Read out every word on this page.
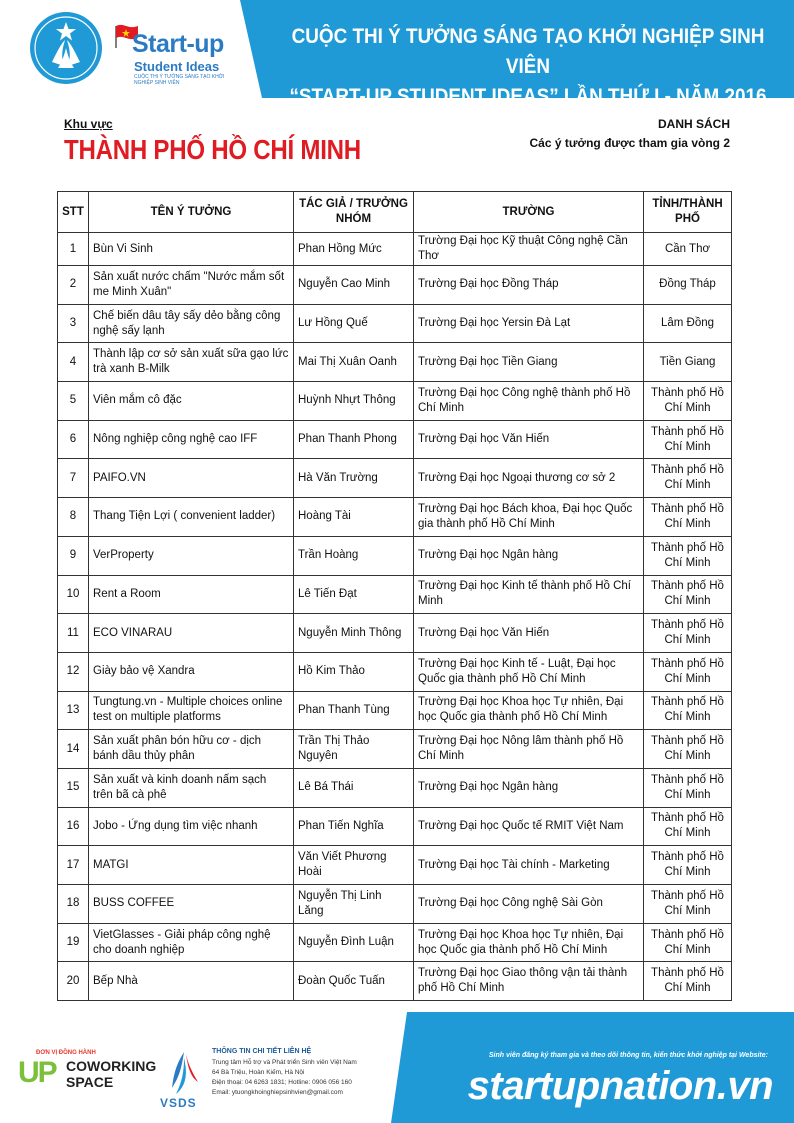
Start-up
Student Ideas
CUỘC THI Ý TƯỞNG SÁNG TẠO KHỞI NGHIỆP SINH VIÊN
CUỘC THI Ý TƯỞNG SÁNG TẠO KHỞI NGHIỆP SINH VIÊN
“START-UP STUDENT IDEAS” LẦN THỨ I - NĂM 2016
Khu vực
THÀNH PHỐ HỒ CHÍ MINH
DANH SÁCH
Các ý tưởng được tham gia vòng 2
STT	TÊN Ý TƯỞNG	TÁC GIẢ / TRƯỞNG NHÓM	TRƯỜNG	TỈNH/THÀNH PHỐ
1	Bùn Vi Sinh	Phan Hồng Mức	Trường Đại học Kỹ thuật Công nghệ Cần Thơ	Cần Thơ
2	Sản xuất nước chấm "Nước mắm sốt me Minh Xuân"	Nguyễn Cao Minh	Trường Đại học Đồng Tháp	Đồng Tháp
3	Chế biến dâu tây sấy dẻo bằng công nghệ sấy lạnh	Lư Hồng Quế	Trường Đại học Yersin Đà Lạt	Lâm Đồng
4	Thành lập cơ sở sản xuất sữa gạo lức trà xanh B-Milk	Mai Thị Xuân Oanh	Trường Đại học Tiền Giang	Tiền Giang
5	Viên mắm cô đặc	Huỳnh Nhựt Thông	Trường Đại học Công nghệ thành phố Hồ Chí Minh	Thành phố Hồ Chí Minh
6	Nông nghiệp công nghệ cao IFF	Phan Thanh Phong	Trường Đại học Văn Hiến	Thành phố Hồ Chí Minh
7	PAIFO.VN	Hà Văn Trường	Trường Đại học Ngoại thương cơ sở 2	Thành phố Hồ Chí Minh
8	Thang Tiện Lợi ( convenient ladder)	Hoàng Tài	Trường Đại học Bách khoa, Đại học Quốc gia thành phố Hồ Chí Minh	Thành phố Hồ Chí Minh
9	VerProperty	Trần Hoàng	Trường Đại học Ngân hàng	Thành phố Hồ Chí Minh
10	Rent a Room	Lê Tiến Đạt	Trường Đại học Kinh tế thành phố Hồ Chí Minh	Thành phố Hồ Chí Minh
11	ECO VINARAU	Nguyễn Minh Thông	Trường Đại học Văn Hiến	Thành phố Hồ Chí Minh
12	Giày bảo vệ Xandra	Hồ Kim Thảo	Trường Đại học Kinh tế - Luật, Đại học Quốc gia thành phố Hồ Chí Minh	Thành phố Hồ Chí Minh
13	Tungtung.vn - Multiple choices online test on multiple platforms	Phan Thanh Tùng	Trường Đại học Khoa học Tự nhiên, Đại học Quốc gia thành phố Hồ Chí Minh	Thành phố Hồ Chí Minh
14	Sản xuất phân bón hữu cơ - dịch bánh dầu thủy phân	Trần Thị Thảo Nguyên	Trường Đại học Nông lâm thành phố Hồ Chí Minh	Thành phố Hồ Chí Minh
15	Sản xuất và kinh doanh nấm sạch trên bã cà phê	Lê Bá Thái	Trường Đại học Ngân hàng	Thành phố Hồ Chí Minh
16	Jobo - Ứng dụng tìm việc nhanh	Phan Tiến Nghĩa	Trường Đại học Quốc tế RMIT Việt Nam	Thành phố Hồ Chí Minh
17	MATGI	Văn Viết Phương Hoài	Trường Đại học Tài chính - Marketing	Thành phố Hồ Chí Minh
18	BUSS COFFEE	Nguyễn Thị Linh Lăng	Trường Đại học Công nghệ Sài Gòn	Thành phố Hồ Chí Minh
19	VietGlasses - Giải pháp công nghệ cho doanh nghiệp	Nguyễn Đình Luận	Trường Đại học Khoa học Tự nhiên, Đại học Quốc gia thành phố Hồ Chí Minh	Thành phố Hồ Chí Minh
20	Bếp Nhà	Đoàn Quốc Tuấn	Trường Đại học Giao thông vận tải thành phố Hồ Chí Minh	Thành phố Hồ Chí Minh
ĐƠN VỊ ĐỒNG HÀNH
UP COWORKING
SPACE
VSDS
THÔNG TIN CHI TIẾT LIÊN HỆ
Trung tâm Hỗ trợ và Phát triển Sinh viên Việt Nam
64 Bà Triệu, Hoàn Kiếm, Hà Nội
Điện thoại: 04 6263 1831; Hotline: 0906 056 160
Email: ytuongkhoinghiepsinhvien@gmail.com
Sinh viên đăng ký tham gia và theo dõi thông tin, kiến thức khởi nghiệp tại Website:
startupnation.vn
